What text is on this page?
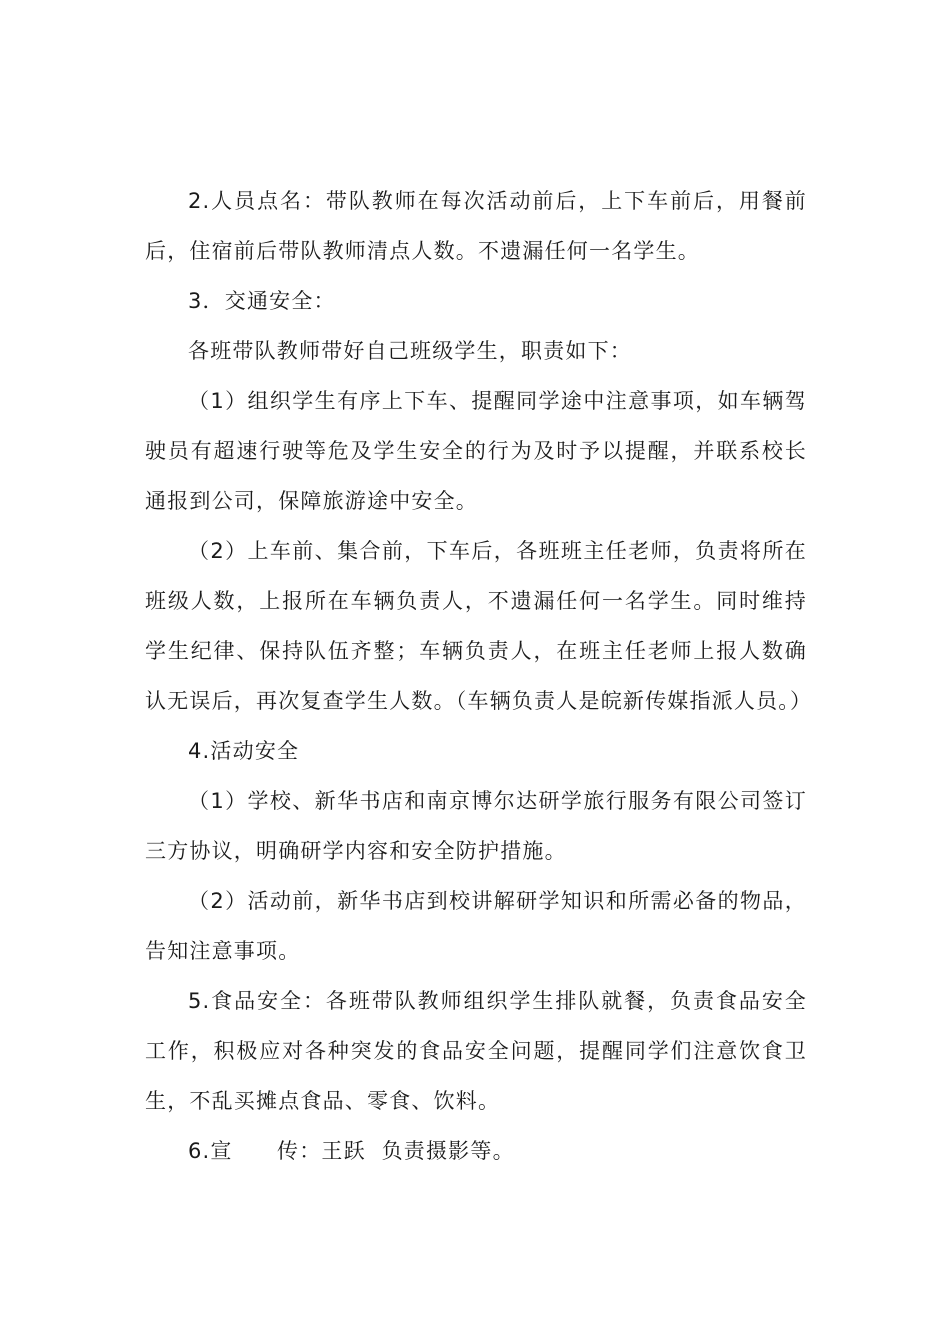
2.人员点名：带队教师在每次活动前后，上下车前后，用餐前后，住宿前后带队教师清点人数。不遗漏任何一名学生。

3．交通安全：

各班带队教师带好自己班级学生，职责如下：

（1）组织学生有序上下车、提醒同学途中注意事项，如车辆驾驶员有超速行驶等危及学生安全的行为及时予以提醒，并联系校长通报到公司，保障旅游途中安全。

（2）上车前、集合前，下车后，各班班主任老师，负责将所在班级人数，上报所在车辆负责人，不遗漏任何一名学生。同时维持学生纪律、保持队伍齐整；车辆负责人，在班主任老师上报人数确认无误后，再次复查学生人数。（车辆负责人是皖新传媒指派人员。）

4.活动安全

（1）学校、新华书店和南京博尔达研学旅行服务有限公司签订三方协议，明确研学内容和安全防护措施。

（2）活动前，新华书店到校讲解研学知识和所需必备的物品，告知注意事项。

5.食品安全：各班带队教师组织学生排队就餐，负责食品安全工作，积极应对各种突发的食品安全问题，提醒同学们注意饮食卫生，不乱买摊点食品、零食、饮料。

6.宣　　传：王跃  负责摄影等。
